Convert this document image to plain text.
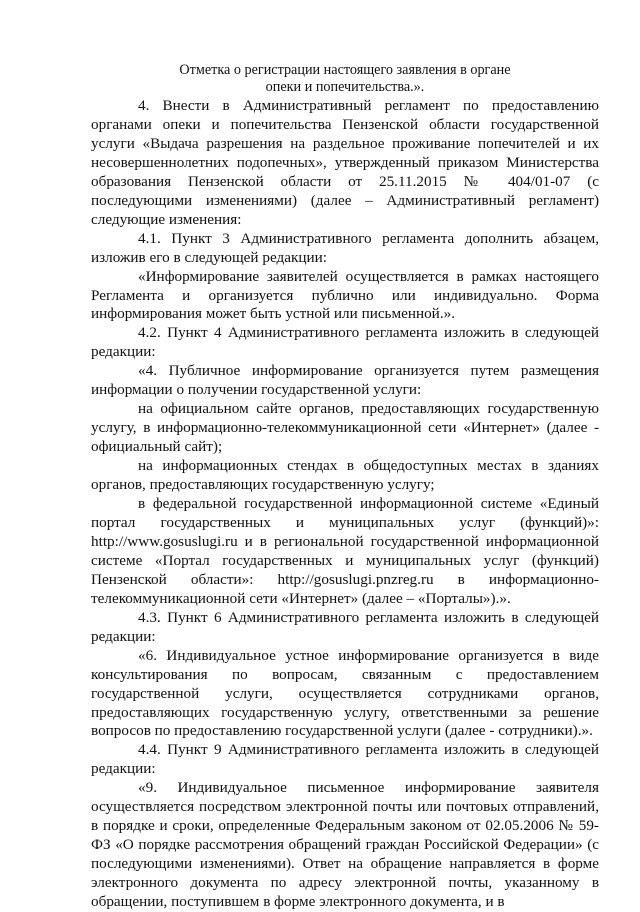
Отметка о регистрации настоящего заявления в органе
опеки и попечительства.».

4. Внести в Административный регламент по предоставлению органами опеки и попечительства Пензенской области государственной услуги «Выдача разрешения на раздельное проживание попечителей и их несовершеннолетних подопечных», утвержденный приказом Министерства образования Пензенской области от 25.11.2015 № 404/01-07 (с последующими изменениями) (далее – Административный регламент) следующие изменения:

4.1. Пункт 3 Административного регламента дополнить абзацем, изложив его в следующей редакции:

«Информирование заявителей осуществляется в рамках настоящего Регламента и организуется публично или индивидуально. Форма информирования может быть устной или письменной.».

4.2. Пункт 4 Административного регламента изложить в следующей редакции:

«4. Публичное информирование организуется путем размещения информации о получении государственной услуги:

на официальном сайте органов, предоставляющих государственную услугу, в информационно-телекоммуникационной сети «Интернет» (далее - официальный сайт);

на информационных стендах в общедоступных местах в зданиях органов, предоставляющих государственную услугу;

в федеральной государственной информационной системе «Единый портал государственных и муниципальных услуг (функций)»: http://www.gosuslugi.ru и в региональной государственной информационной системе «Портал государственных и муниципальных услуг (функций) Пензенской области»: http://gosuslugi.pnzreg.ru в информационно-телекоммуникационной сети «Интернет» (далее – «Порталы»).».

4.3. Пункт 6 Административного регламента изложить в следующей редакции:

«6. Индивидуальное устное информирование организуется в виде консультирования по вопросам, связанным с предоставлением государственной услуги, осуществляется сотрудниками органов, предоставляющих государственную услугу, ответственными за решение вопросов по предоставлению государственной услуги (далее - сотрудники).».

4.4. Пункт 9 Административного регламента изложить в следующей редакции:

«9. Индивидуальное письменное информирование заявителя осуществляется посредством электронной почты или почтовых отправлений, в порядке и сроки, определенные Федеральным законом от 02.05.2006 № 59-ФЗ «О порядке рассмотрения обращений граждан Российской Федерации» (с последующими изменениями). Ответ на обращение направляется в форме электронного документа по адресу электронной почты, указанному в обращении, поступившем в форме электронного документа, и в
